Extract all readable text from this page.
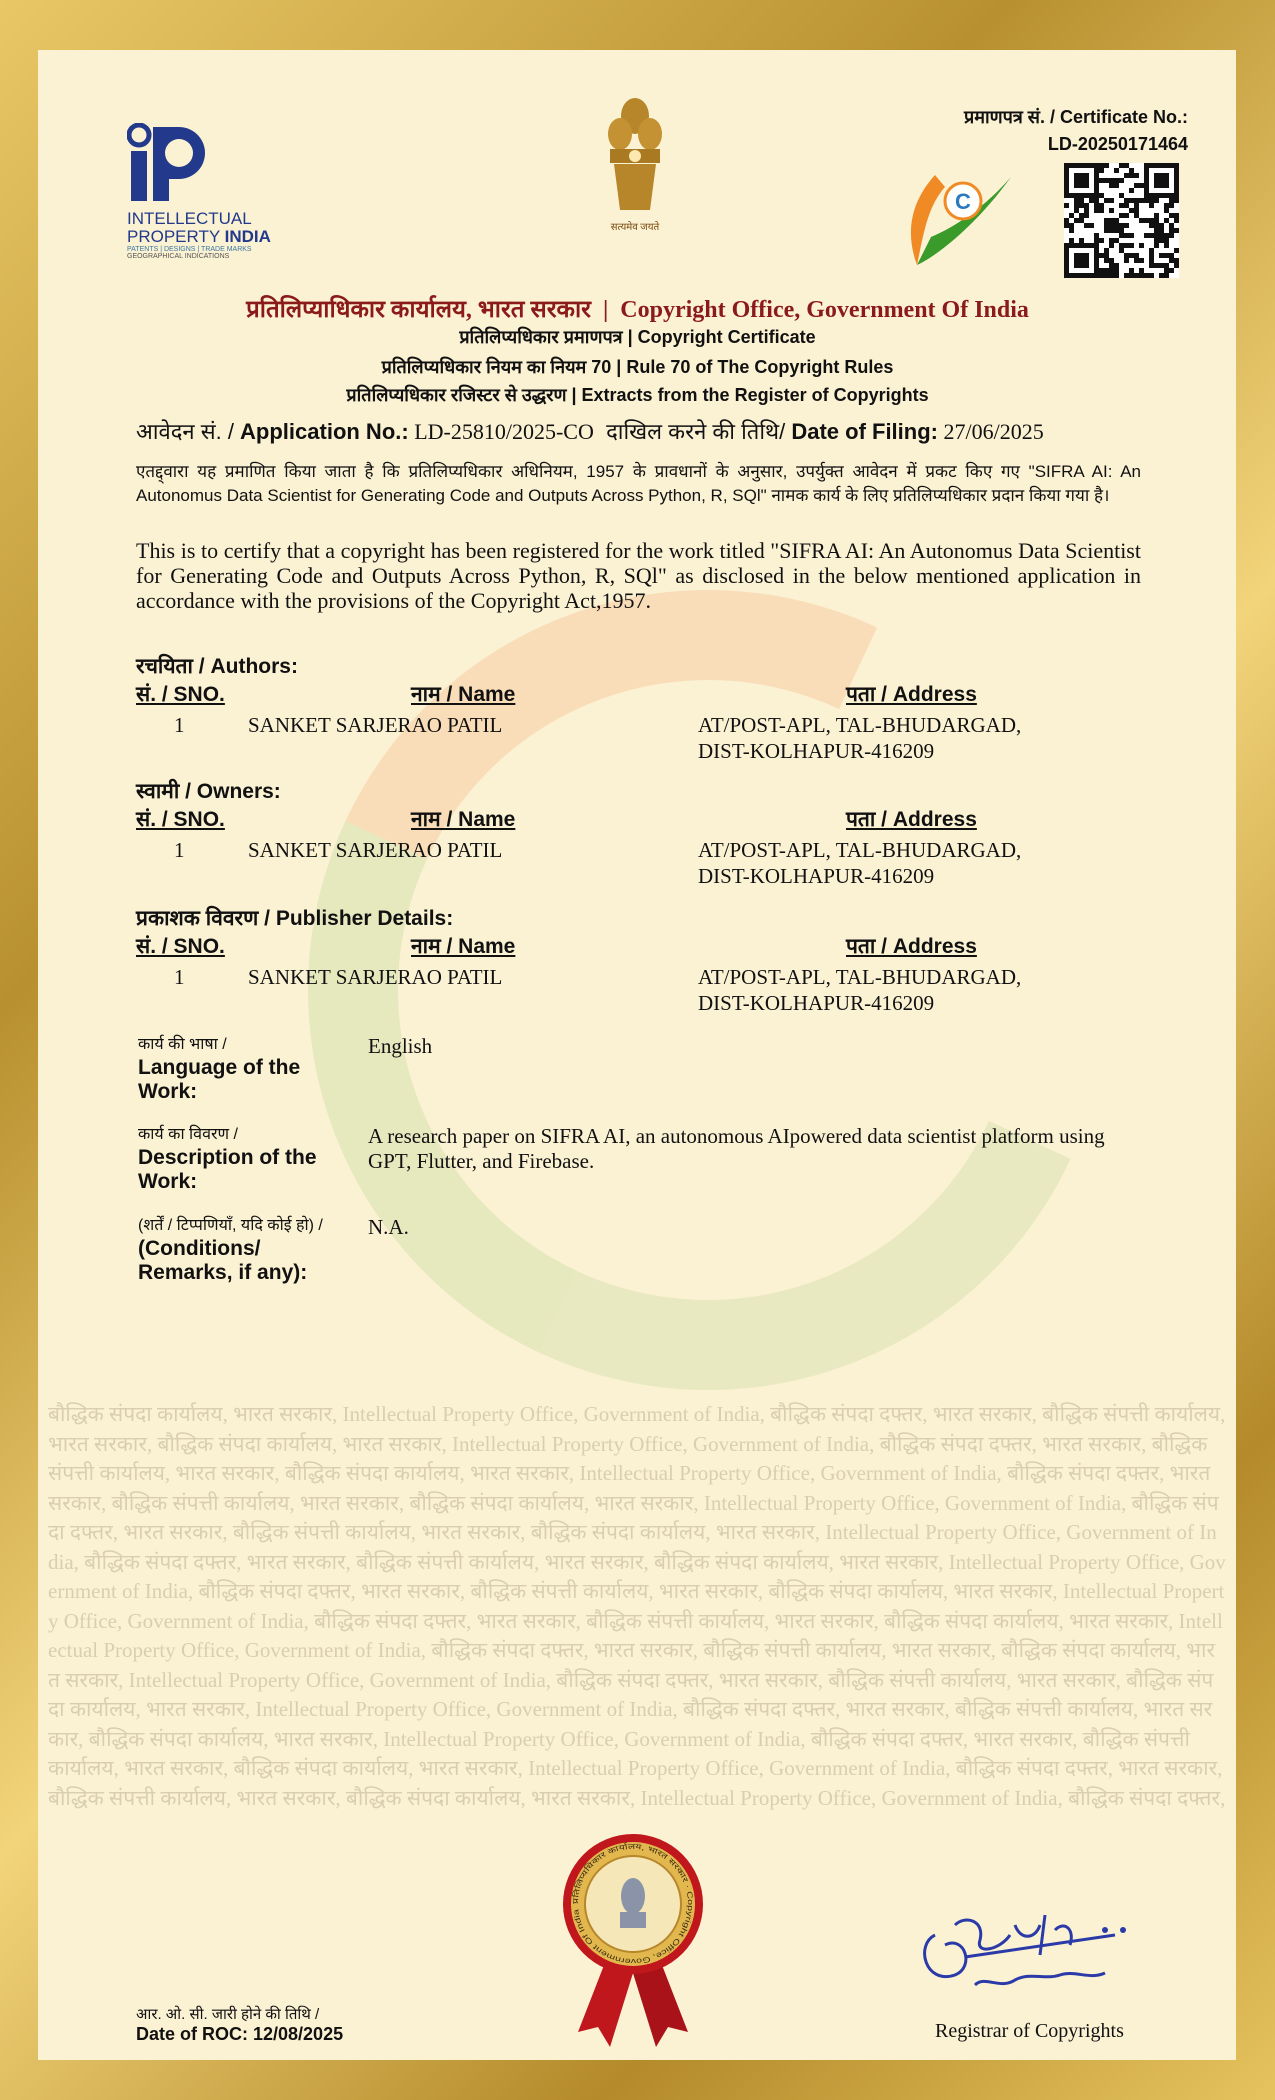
बौद्धिक संपदा कार्यालय, भारत सरकार, Intellectual Property Office, Government of India, बौद्धिक संपदा दफ्तर, भारत सरकार, बौद्धिक संपत्ती कार्यालय, भारत सरकार, बौद्धिक संपदा कार्यालय, भारत सरकार, Intellectual Property Office, Government of India, बौद्धिक संपदा दफ्तर, भारत सरकार, बौद्धिक संपत्ती कार्यालय, भारत सरकार, बौद्धिक संपदा कार्यालय, भारत सरकार, Intellectual Property Office, Government of India, बौद्धिक संपदा दफ्तर, भारत सरकार, बौद्धिक संपत्ती कार्यालय, भारत सरकार, बौद्धिक संपदा कार्यालय, भारत सरकार, Intellectual Property Office, Government of India, बौद्धिक संपदा दफ्तर, भारत सरकार, बौद्धिक संपत्ती कार्यालय, भारत सरकार, बौद्धिक संपदा कार्यालय, भारत सरकार, Intellectual Property Office, Government of India, बौद्धिक संपदा दफ्तर, भारत सरकार, बौद्धिक संपत्ती कार्यालय, भारत सरकार, बौद्धिक संपदा कार्यालय, भारत सरकार, Intellectual Property Office, Government of India, बौद्धिक संपदा दफ्तर, भारत सरकार, बौद्धिक संपत्ती कार्यालय, भारत सरकार, बौद्धिक संपदा कार्यालय, भारत सरकार, Intellectual Property Office, Government of India, बौद्धिक संपदा दफ्तर, भारत सरकार, बौद्धिक संपत्ती कार्यालय, भारत सरकार, बौद्धिक संपदा कार्यालय, भारत सरकार, Intellectual Property Office, Government of India, बौद्धिक संपदा दफ्तर, भारत सरकार, बौद्धिक संपत्ती कार्यालय, भारत सरकार, बौद्धिक संपदा कार्यालय, भारत सरकार, Intellectual Property Office, Government of India, बौद्धिक संपदा दफ्तर, भारत सरकार, बौद्धिक संपत्ती कार्यालय, भारत सरकार, बौद्धिक संपदा कार्यालय, भारत सरकार, Intellectual Property Office, Government of India, बौद्धिक संपदा दफ्तर, भारत सरकार, बौद्धिक संपत्ती कार्यालय, भारत सरकार, बौद्धिक संपदा कार्यालय, भारत सरकार, Intellectual Property Office, Government of India, बौद्धिक संपदा दफ्तर, भारत सरकार, बौद्धिक संपत्ती कार्यालय, भारत सरकार, बौद्धिक संपदा कार्यालय, भारत सरकार, Intellectual Property Office, Government of India, बौद्धिक संपदा दफ्तर, भारत सरकार, बौद्धिक संपत्ती कार्यालय, भारत सरकार, बौद्धिक संपदा कार्यालय, भारत सरकार, Intellectual Property Office, Government of India, बौद्धिक संपदा दफ्तर,
INTELLECTUAL
PROPERTY INDIA
PATENTS | DESIGNS | TRADE MARKS
GEOGRAPHICAL INDICATIONS
सत्यमेव जयते
C
प्रमाणपत्र सं. / Certificate No.:
LD-20250171464
प्रतिलिप्याधिकार कार्यालय, भारत सरकार  |  Copyright Office, Government Of India
प्रतिलिप्यधिकार प्रमाणपत्र | Copyright Certificate
प्रतिलिप्यधिकार नियम का नियम 70 | Rule 70 of The Copyright Rules
प्रतिलिप्यधिकार रजिस्टर से उद्धरण | Extracts from the Register of Copyrights
आवेदन सं. / Application No.: LD-25810/2025-CO  दाखिल करने की तिथि/ Date of Filing: 27/06/2025
एतद्द्वारा यह प्रमाणित किया जाता है कि प्रतिलिप्यधिकार अधिनियम, 1957 के प्रावधानों के अनुसार, उपर्युक्त आवेदन में प्रकट किए गए "SIFRA AI: An Autonomus Data Scientist for Generating Code and Outputs Across Python, R, SQl" नामक कार्य के लिए प्रतिलिप्यधिकार प्रदान किया गया है।
This is to certify that a copyright has been registered for the work titled "SIFRA AI: An Autonomus Data Scientist for Generating Code and Outputs Across Python, R, SQl" as disclosed in the below mentioned application in accordance with the provisions of the Copyright Act,1957.
रचयिता / Authors:
सं. / SNO.	नाम / Name	पता / Address
1	SANKET SARJERAO PATIL	AT/POST-APL, TAL-BHUDARGAD,
DIST-KOLHAPUR-416209
स्वामी / Owners:
सं. / SNO.	नाम / Name	पता / Address
1	SANKET SARJERAO PATIL	AT/POST-APL, TAL-BHUDARGAD,
DIST-KOLHAPUR-416209
प्रकाशक विवरण / Publisher Details:
सं. / SNO.	नाम / Name	पता / Address
1	SANKET SARJERAO PATIL	AT/POST-APL, TAL-BHUDARGAD,
DIST-KOLHAPUR-416209
कार्य की भाषा /
Language of the Work:
English
कार्य का विवरण /
Description of the Work:
A research paper on SIFRA AI, an autonomous AIpowered data scientist platform using GPT, Flutter, and Firebase.
(शर्तें / टिप्पणियाँ, यदि कोई हो) /
(Conditions/ Remarks, if any):
N.A.
आर. ओ. सी. जारी होने की तिथि /
Date of ROC: 12/08/2025
प्रतिलिप्यधिकार कार्यालय, भारत सरकार · Copyright Office, Government Of India
Registrar of Copyrights
